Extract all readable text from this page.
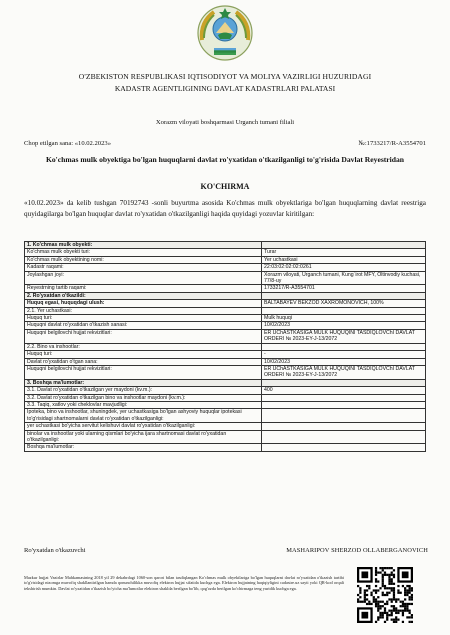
O'ZBEKISTON RESPUBLIKASI IQTISODIYOT VA MOLIYA VAZIRLIGI HUZURIDAGI
KADASTR AGENTLIGINING DAVLAT KADASTRLARI PALATASI
Xorazm viloyati boshqarmasi Urganch tumani filiali
Chop etilgan sana: «10.02.2023»	№:1733217/R-A3554701
Ko'chmas mulk obyektiga bo'lgan huquqlarni davlat ro'yxatidan o'tkazilganligi to'g'risida Davlat Reyestridan
KO'CHIRMA
«10.02.2023» da kelib tushgan 70192743 -sonli buyurtma asosida Ko'chmas mulk obyektlariga bo'lgan huquqlarning davlat reestriga quyidagilarga bo'lgan huquqlar davlat ro'yxatidan o'tkazilganligi haqida quyidagi yozuvlar kiritilgan:
1. Ko'chmas mulk obyekti:	
Ko'chmas mulk obyekti turi:	Turar
Ko'chmas mulk obyektining nomi:	Yer uchastkasi
Kadastr raqami:	22:03:02:02:02:0261
Joylashgan joyi:	Xorazm viloyati, Urganch tumani, Kung`irot MFY, Oltinvodiy kuchasi, 77/8-uy
Reyestrning tartib raqami:	1733217/R-A3554701
2. Ro'yxatdan o'tkazildi:	
Huquq egasi, huquqdagi ulush:	BALTABAYEV BEKZOD XAXROMONOVICH, 100%
2.1. Yer uchastkasi:	
Huquq turi:	Mulk huquqi
Huquqni davlat ro'yxatidan o'tkazish sanasi:	10/02/2023
Huquqni belgilovchi hujjat rekvizitlari:	ER UChASTKASIGA MULK HUQUQINI TASDIQLOVChI DAVLAT ORDERI № 2023-EY-J-13/2072
2.2. Bino va inshootlar:	
Huquq turi:	-
Davlat ro'yxatidan o'tgan sana:	10/02/2023
Huquqni belgilovchi hujjat rekvizitlari:	ER UChASTKASIGA MULK HUQUQINI TASDIQLOVChI DAVLAT ORDERI № 2023-EY-J-13/2072
3. Boshqa ma'lumotlar:	
3.1. Davlat ro'yxatidan o'tkazilgan yer maydoni (kv.m.):	400
3.2. Davlat ro'yxatidan o'tkazilgan bino va inshootlar maydoni (kv.m.):	
3.3. Taqiq, xatlov yoki cheklovlar mavjudligi:	
Ipoteka, bino va inshootlar, shuningdek, yer uchastkasiga bo'lgan ashyoviy huquqlar ipotekasi to'g'risidagi shartnomalarni davlat ro'yxatidan o'tkazilganligi:	
yer uchastkasi bo'yicha servitut kelishuvi davlat ro'yxatidan o'tkazilganligi:	
binolar va inshootlar yoki ularning qismlari bo'yicha ijara shartnomasi davlat ro'yxatidan o'tkazilganligi:	
Boshqa ma'lumotlar:	
Ro'yxatdan o'tkazuvchi	MASHARIPOV SHERZOD OLLABERGANOVICH
Mazkur hujjat Vazirlar Mahkamasining 2018 yil 29 dekabrdagi 1060-son qarori bilan tasdiqlangan Ko'chmas mulk obyektlariga bo'lgan huquqlarni davlat ro'yxatidan o'tkazish tartibi to'g'risidagi nizomga muvofiq shakllantirilgan hamda qonunchilikka muvofiq elektron hujjat sifatida kuchga ega. Elektron hujjatning haqiqiyligini cadastre.uz sayti yoki QR-kod orqali tekshirish mumkin. Davlat ro'yxatidan o'tkazish bo'yicha ma'lumotlar elektron shaklda berilgan bo'lib, qog'ozda berilgan ko'chirmaga teng yuridik kuchga ega.
